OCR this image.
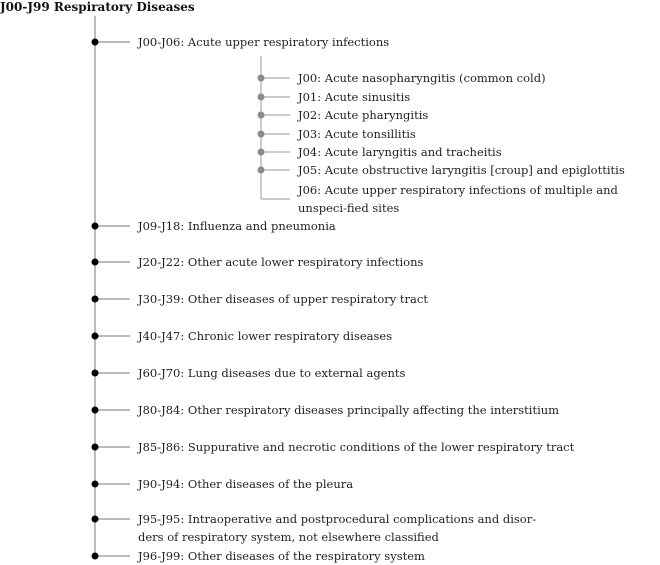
J00-J99 Respiratory Diseases
J00-J06: Acute upper respiratory infections
J00: Acute nasopharyngitis (common cold)
J01: Acute sinusitis
J02: Acute pharyngitis
J03: Acute tonsillitis
J04: Acute laryngitis and tracheitis
J05: Acute obstructive laryngitis [croup] and epiglottitis
J06: Acute upper respiratory infections of multiple and unspeci-fied sites
J09-J18: Influenza and pneumonia
J20-J22: Other acute lower respiratory infections
J30-J39: Other diseases of upper respiratory tract
J40-J47: Chronic lower respiratory diseases
J60-J70: Lung diseases due to external agents
J80-J84: Other respiratory diseases principally affecting the interstitium
J85-J86: Suppurative and necrotic conditions of the lower respiratory tract
J90-J94: Other diseases of the pleura
J95-J95: Intraoperative and postprocedural complications and disor-ders of respiratory system, not elsewhere classified
J96-J99: Other diseases of the respiratory system
